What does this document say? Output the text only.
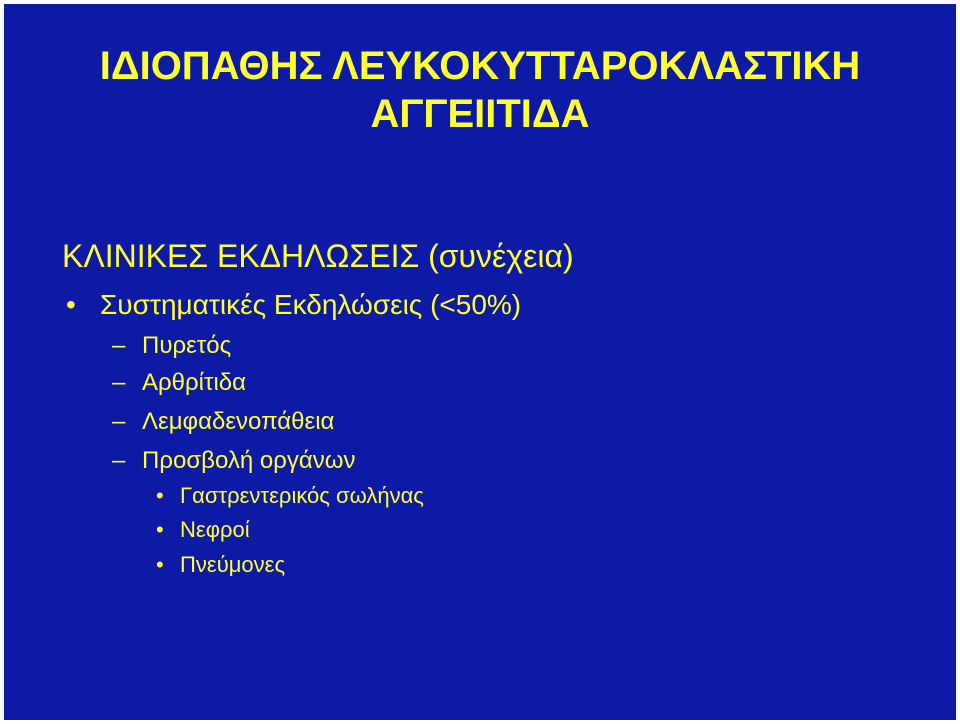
ΙΔΙΟΠΑΘΗΣ ΛΕΥΚΟΚΥΤΤΑΡΟΚΛΑΣΤΙΚΗ
ΑΓΓΕΙΙΤΙΔΑ
ΚΛΙΝΙΚΕΣ ΕΚΔΗΛΩΣΕΙΣ (συνέχεια)
• Συστηματικές Εκδηλώσεις (<50%)
– Πυρετός
– Αρθρίτιδα
– Λεμφαδενοπάθεια
– Προσβολή οργάνων
• Γαστρεντερικός σωλήνας
• Νεφροί
• Πνεύμονες
